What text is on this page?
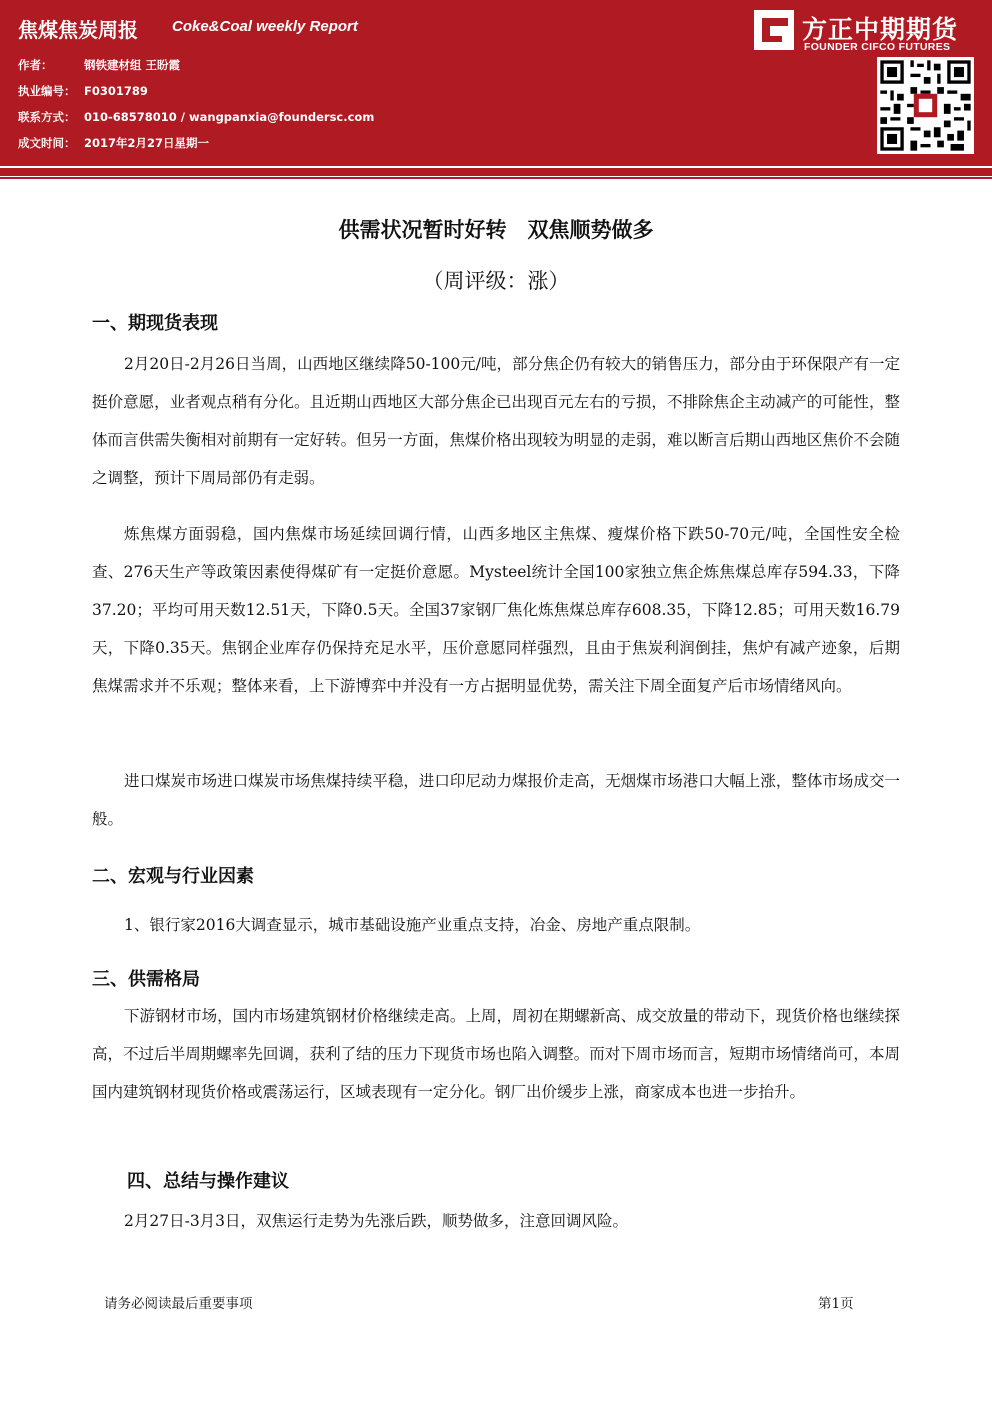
焦煤焦炭周报 Coke&Coal weekly Report
作者：	钢铁建材组 王盼霞
执业编号： F0301789
联系方式： 010-68578010 / wangpanxia@foundersc.com
成文时间： 2017年2月27日星期一
方正中期期货
FOUNDER CIFCO FUTURES
供需状况暂时好转　双焦顺势做多
（周评级：涨）
一、期现货表现
2月20日-2月26日当周，山西地区继续降50-100元/吨，部分焦企仍有较大的销售压力，部分由于环保限产有一定挺价意愿，业者观点稍有分化。且近期山西地区大部分焦企已出现百元左右的亏损，不排除焦企主动减产的可能性，整体而言供需失衡相对前期有一定好转。但另一方面，焦煤价格出现较为明显的走弱，难以断言后期山西地区焦价不会随之调整，预计下周局部仍有走弱。
炼焦煤方面弱稳，国内焦煤市场延续回调行情，山西多地区主焦煤、瘦煤价格下跌50-70元/吨，全国性安全检查、276天生产等政策因素使得煤矿有一定挺价意愿。Mysteel统计全国100家独立焦企炼焦煤总库存594.33，下降37.20；平均可用天数12.51天，下降0.5天。全国37家钢厂焦化炼焦煤总库存608.35，下降12.85；可用天数16.79天，下降0.35天。焦钢企业库存仍保持充足水平，压价意愿同样强烈，且由于焦炭利润倒挂，焦炉有减产迹象，后期焦煤需求并不乐观；整体来看，上下游博弈中并没有一方占据明显优势，需关注下周全面复产后市场情绪风向。
进口煤炭市场进口煤炭市场焦煤持续平稳，进口印尼动力煤报价走高，无烟煤市场港口大幅上涨，整体市场成交一般。
二、宏观与行业因素
1、银行家2016大调查显示，城市基础设施产业重点支持，冶金、房地产重点限制。
三、供需格局
下游钢材市场，国内市场建筑钢材价格继续走高。上周，周初在期螺新高、成交放量的带动下，现货价格也继续探高，不过后半周期螺率先回调，获利了结的压力下现货市场也陷入调整。而对下周市场而言，短期市场情绪尚可，本周国内建筑钢材现货价格或震荡运行，区域表现有一定分化。钢厂出价缓步上涨，商家成本也进一步抬升。
四、总结与操作建议
2月27日-3月3日，双焦运行走势为先涨后跌，顺势做多，注意回调风险。
请务必阅读最后重要事项	第1页
